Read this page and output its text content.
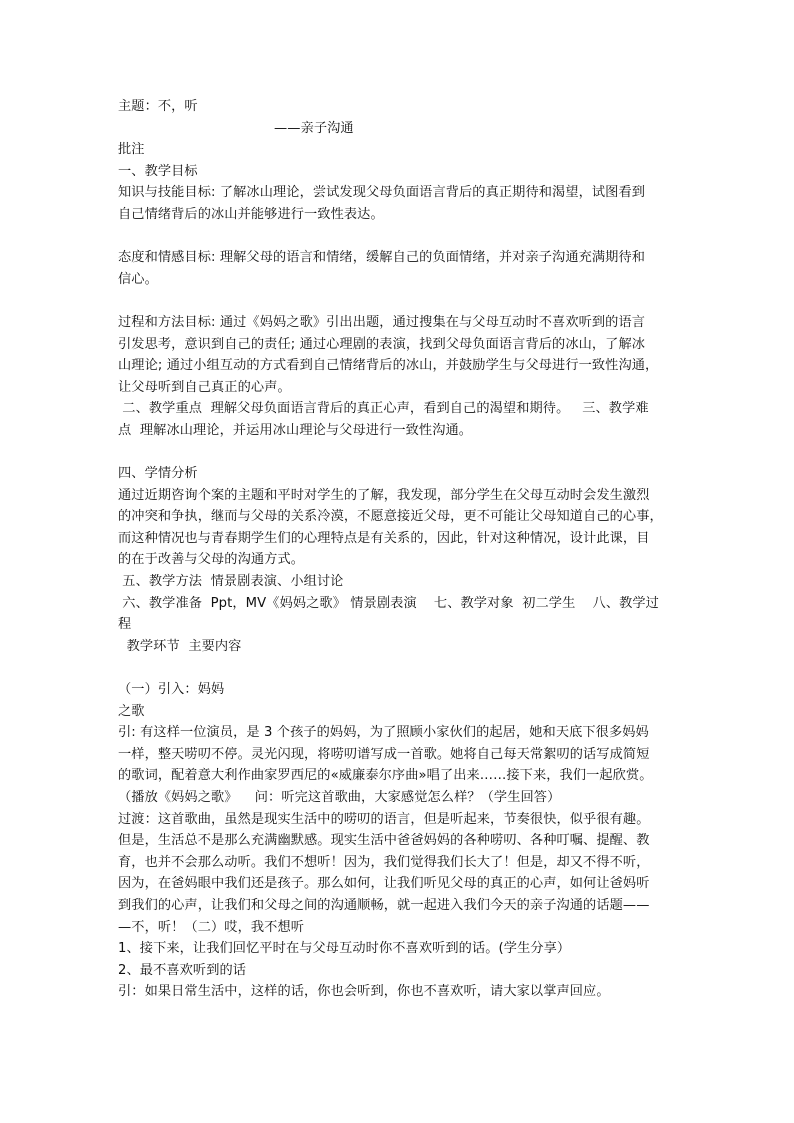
主题：不，听
——亲子沟通
批注
一、教学目标
知识与技能目标: 了解冰山理论，尝试发现父母负面语言背后的真正期待和渴望，试图看到
自己情绪背后的冰山并能够进行一致性表达。
态度和情感目标: 理解父母的语言和情绪，缓解自己的负面情绪，并对亲子沟通充满期待和
信心。
过程和方法目标: 通过《妈妈之歌》引出出题，通过搜集在与父母互动时不喜欢听到的语言
引发思考，意识到自己的责任; 通过心理剧的表演，找到父母负面语言背后的冰山，了解冰
山理论; 通过小组互动的方式看到自己情绪背后的冰山，并鼓励学生与父母进行一致性沟通，
让父母听到自己真正的心声。
二、教学重点  理解父母负面语言背后的真正心声，看到自己的渴望和期待。   三、教学难
点  理解冰山理论，并运用冰山理论与父母进行一致性沟通。
四、学情分析
通过近期咨询个案的主题和平时对学生的了解，我发现，部分学生在父母互动时会发生激烈
的冲突和争执，继而与父母的关系冷漠，不愿意接近父母，更不可能让父母知道自己的心事，
而这种情况也与青春期学生们的心理特点是有关系的，因此，针对这种情况，设计此课，目
的在于改善与父母的沟通方式。
五、教学方法  情景剧表演、小组讨论
六、教学准备  Ppt，MV《妈妈之歌》 情景剧表演    七、教学对象  初二学生    八、教学过
程
教学环节  主要内容
（一）引入：妈妈
之歌
引: 有这样一位演员，是 3 个孩子的妈妈，为了照顾小家伙们的起居，她和天底下很多妈妈
一样，整天唠叨不停。灵光闪现，将唠叨谱写成一首歌。她将自己每天常絮叨的话写成简短
的歌词，配着意大利作曲家罗西尼的«威廉泰尔序曲»唱了出来……接下来，我们一起欣赏。
（播放《妈妈之歌》    问：听完这首歌曲，大家感觉怎么样？（学生回答）
过渡：这首歌曲，虽然是现实生活中的唠叨的语言，但是听起来，节奏很快，似乎很有趣。
但是，生活总不是那么充满幽默感。现实生活中爸爸妈妈的各种唠叨、各种叮嘱、提醒、教
育，也并不会那么动听。我们不想听！因为，我们觉得我们长大了！但是，却又不得不听，
因为，在爸妈眼中我们还是孩子。那么如何，让我们听见父母的真正的心声，如何让爸妈听
到我们的心声，让我们和父母之间的沟通顺畅，就一起进入我们今天的亲子沟通的话题——
—不，听！（二）哎，我不想听
1、接下来，让我们回忆平时在与父母互动时你不喜欢听到的话。(学生分享）
2、最不喜欢听到的话
引：如果日常生活中，这样的话，你也会听到，你也不喜欢听，请大家以掌声回应。
